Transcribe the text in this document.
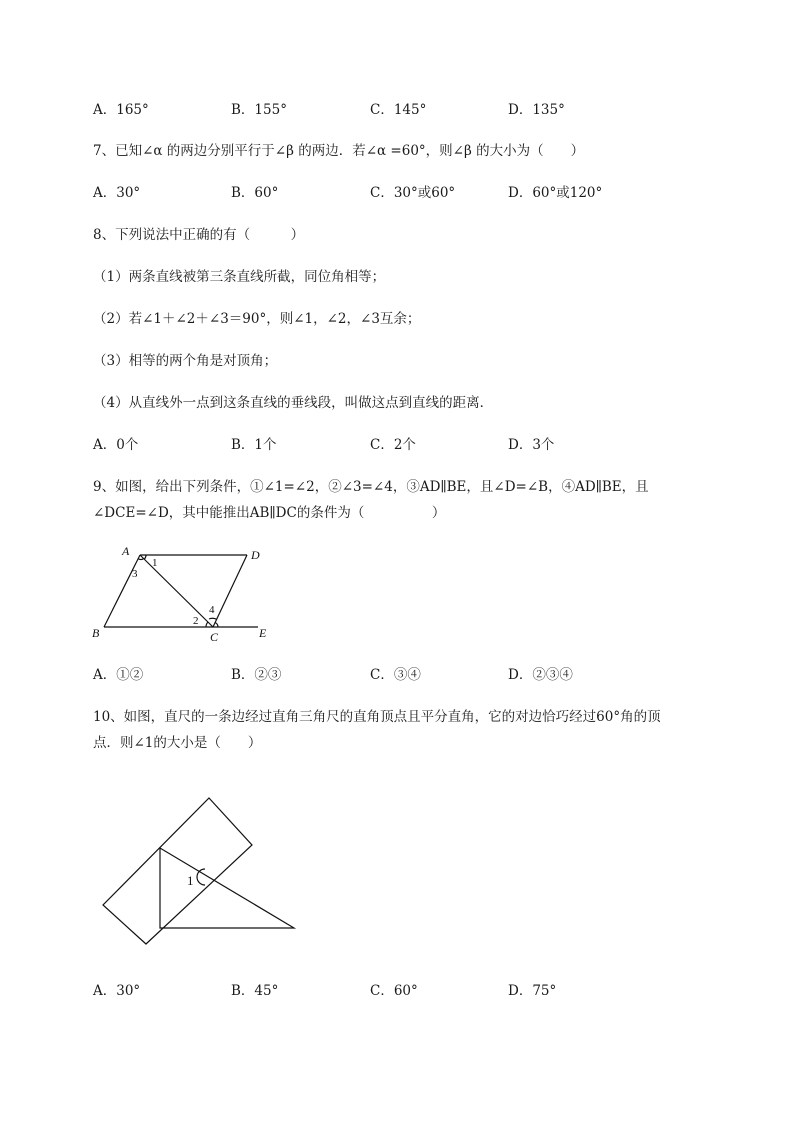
A．165°	B．155°	C．145°	D．135°
7、已知∠α 的两边分别平行于∠β 的两边．若∠α =60°，则∠β 的大小为（　　）
A．30°	B．60°	C．30°或60°	D．60°或120°
8、下列说法中正确的有（　　　）
（1）两条直线被第三条直线所截，同位角相等；
（2）若∠1＋∠2＋∠3＝90°，则∠1，∠2，∠3互余；
（3）相等的两个角是对顶角；
（4）从直线外一点到这条直线的垂线段，叫做这点到直线的距离．
A．0个	B．1个	C．2个	D．3个
9、如图，给出下列条件，①∠1=∠2，②∠3=∠4，③AD∥BE，且∠D=∠B，④AD∥BE，且
∠DCE=∠D，其中能推出AB∥DC的条件为（　　　　　）
A	D
B	C	E
1
3
2
4
A．①②	B．②③	C．③④	D．②③④
10、如图，直尺的一条边经过直角三角尺的直角顶点且平分直角，它的对边恰巧经过60°角的顶
点．则∠1的大小是（　　）
1
A．30°	B．45°	C．60°	D．75°
